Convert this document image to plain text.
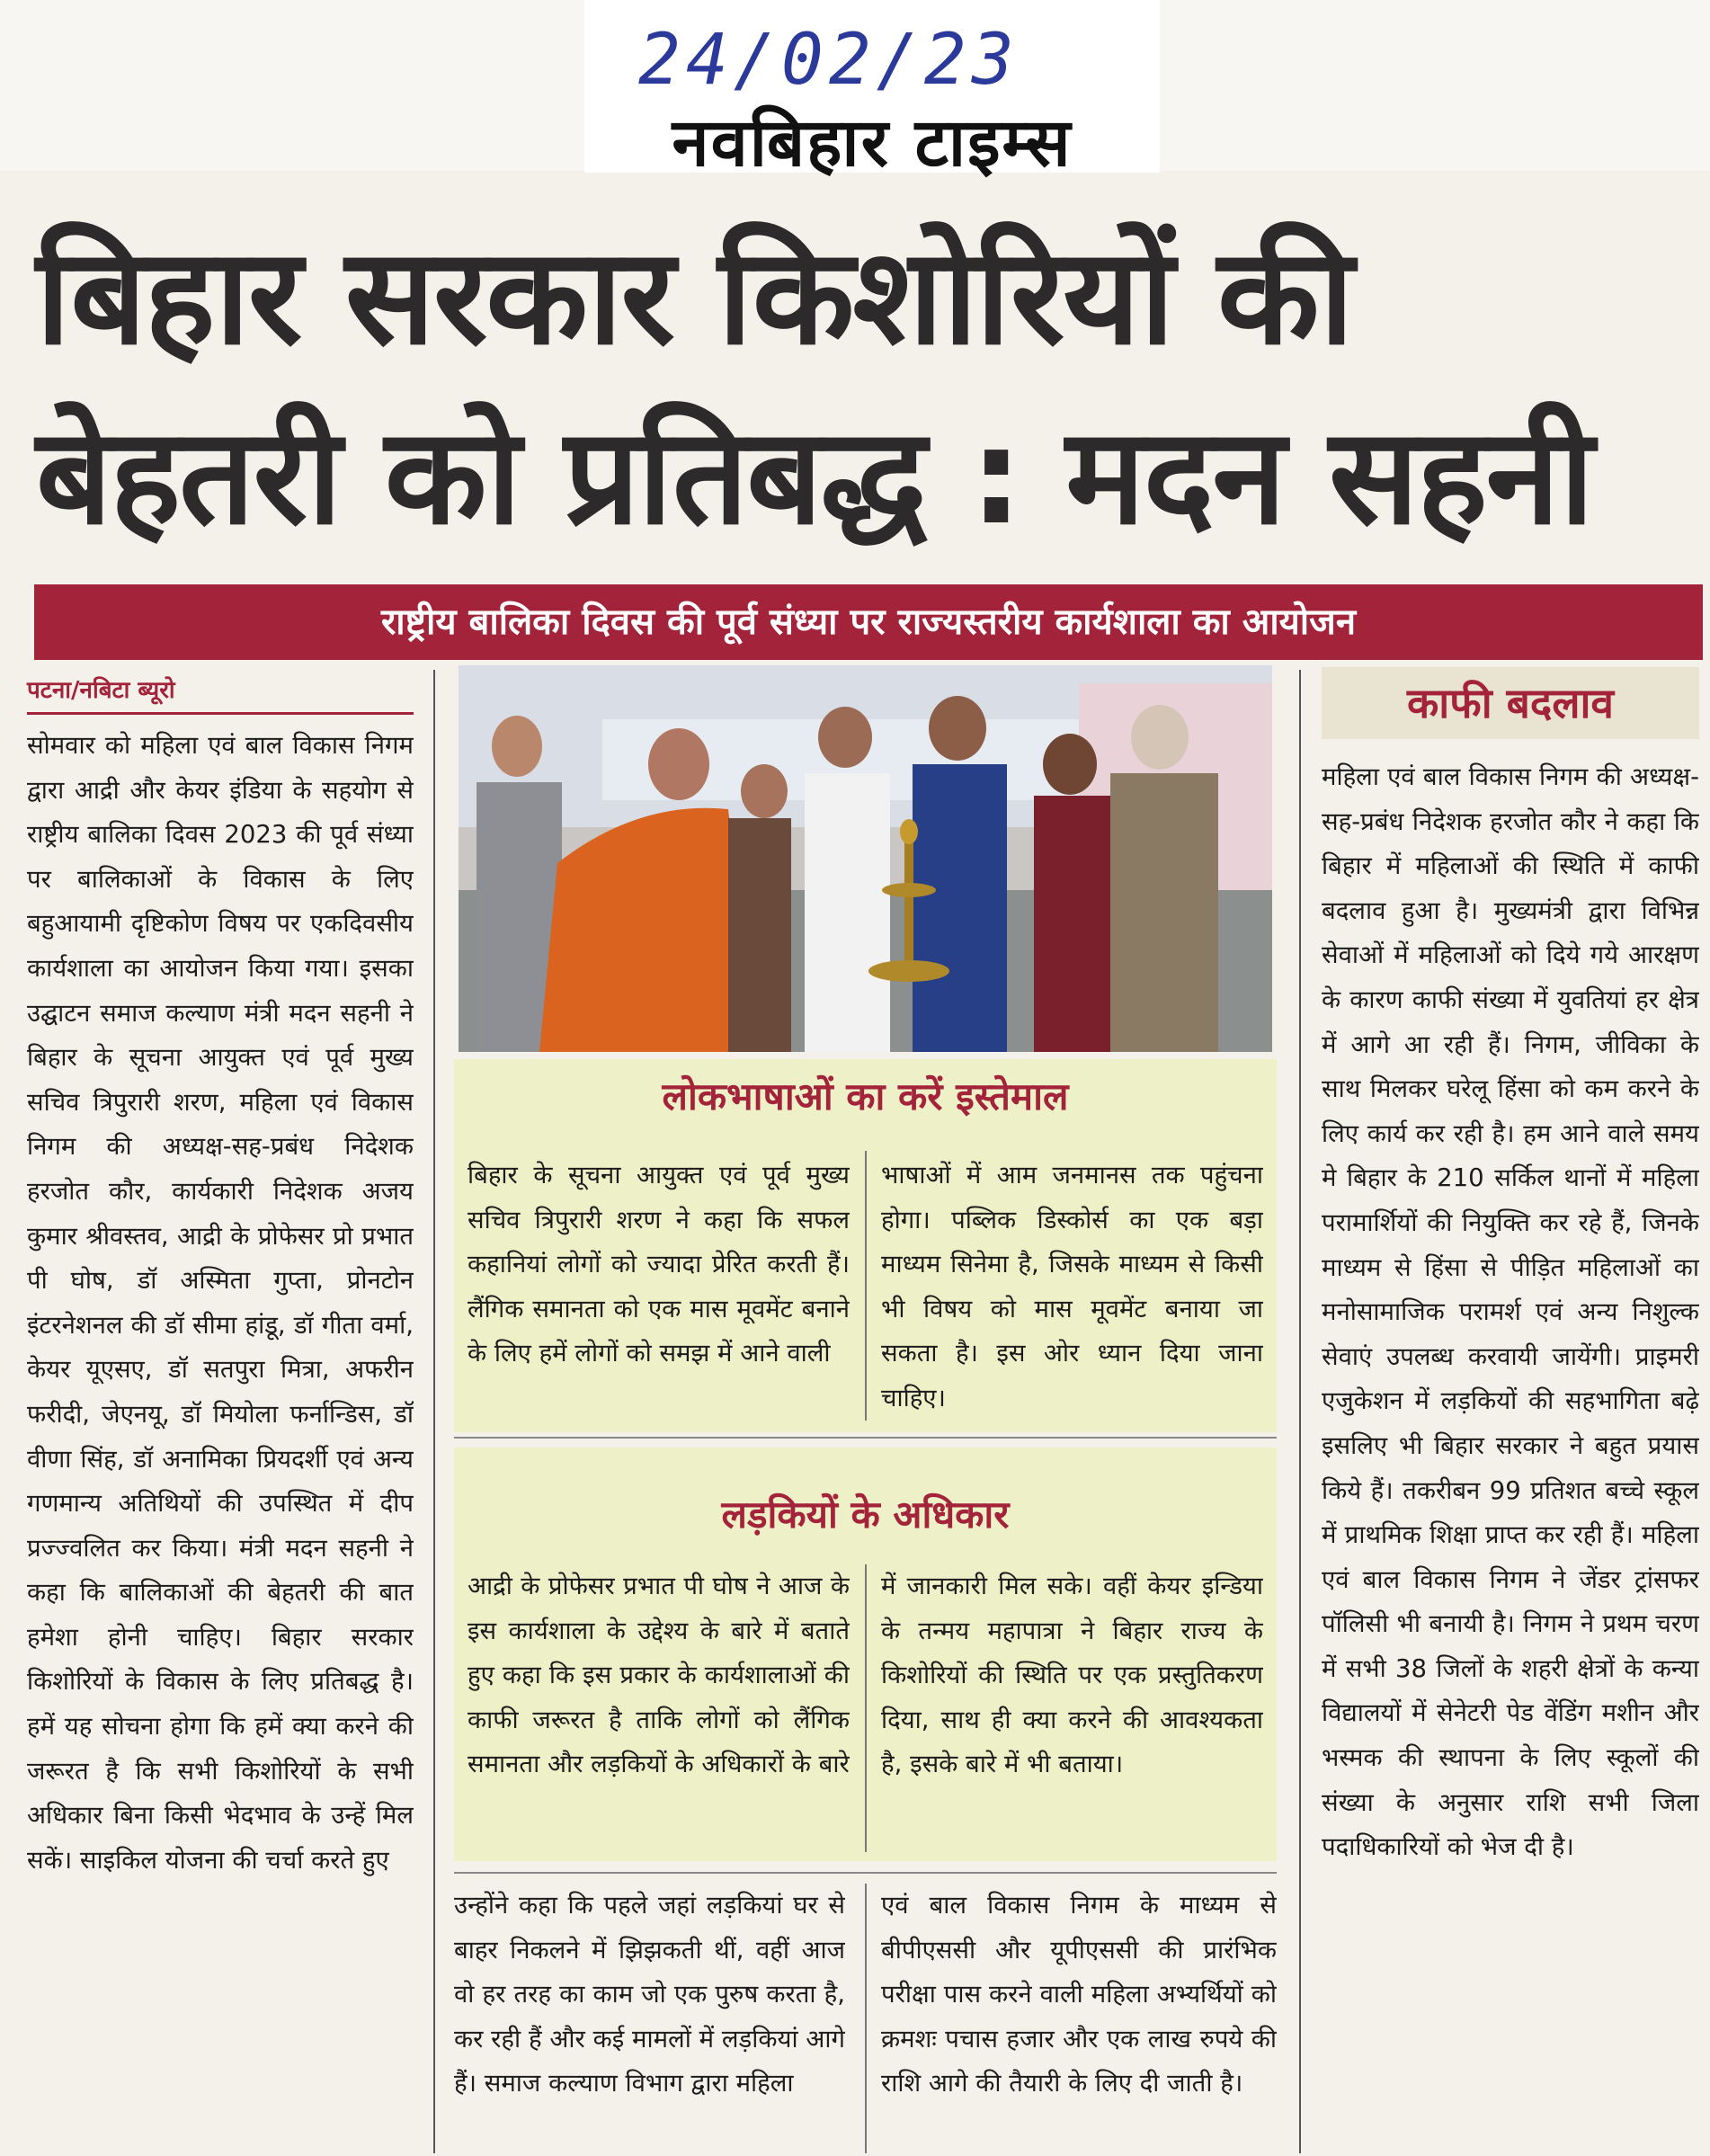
24/02/23
नवबिहार टाइम्स
बिहार सरकार किशोरियों की
बेहतरी को प्रतिबद्ध : मदन सहनी
राष्ट्रीय बालिका दिवस की पूर्व संध्या पर राज्यस्तरीय कार्यशाला का आयोजन
पटना/नबिटा ब्यूरो
सोमवार को महिला एवं बाल विकास निगम द्वारा आद्री और केयर इंडिया के सहयोग से राष्ट्रीय बालिका दिवस 2023 की पूर्व संध्या पर बालिकाओं के विकास के लिए बहुआयामी दृष्टिकोण विषय पर एकदिवसीय कार्यशाला का आयोजन किया गया। इसका उद्घाटन समाज कल्याण मंत्री मदन सहनी ने बिहार के सूचना आयुक्त एवं पूर्व मुख्य सचिव त्रिपुरारी शरण, महिला एवं विकास निगम की अध्यक्ष-सह-प्रबंध निदेशक हरजोत कौर, कार्यकारी निदेशक अजय कुमार श्रीवस्तव, आद्री के प्रोफेसर प्रो प्रभात पी घोष, डॉ अस्मिता गुप्ता, प्रोनटोन इंटरनेशनल की डॉ सीमा हांडू, डॉ गीता वर्मा, केयर यूएसए, डॉ सतपुरा मित्रा, अफरीन फरीदी, जेएनयू, डॉ मियोला फर्नान्डिस, डॉ वीणा सिंह, डॉ अनामिका प्रियदर्शी एवं अन्य गणमान्य अतिथियों की उपस्थित में दीप प्रज्ज्वलित कर किया। मंत्री मदन सहनी ने कहा कि बालिकाओं की बेहतरी की बात हमेशा होनी चाहिए। बिहार सरकार किशोरियों के विकास के लिए प्रतिबद्ध है। हमें यह सोचना होगा कि हमें क्या करने की जरूरत है कि सभी किशोरियों के सभी अधिकार बिना किसी भेदभाव के उन्हें मिल सकें। साइकिल योजना की चर्चा करते हुए
लोकभाषाओं का करें इस्तेमाल
बिहार के सूचना आयुक्त एवं पूर्व मुख्य सचिव त्रिपुरारी शरण ने कहा कि सफल कहानियां लोगों को ज्यादा प्रेरित करती हैं। लैंगिक समानता को एक मास मूवमेंट बनाने के लिए हमें लोगों को समझ में आने वाली
भाषाओं में आम जनमानस तक पहुंचना होगा। पब्लिक डिस्कोर्स का एक बड़ा माध्यम सिनेमा है, जिसके माध्यम से किसी भी विषय को मास मूवमेंट बनाया जा सकता है। इस ओर ध्यान दिया जाना चाहिए।
लड़कियों के अधिकार
आद्री के प्रोफेसर प्रभात पी घोष ने आज के इस कार्यशाला के उद्देश्य के बारे में बताते हुए कहा कि इस प्रकार के कार्यशालाओं की काफी जरूरत है ताकि लोगों को लैंगिक समानता और लड़कियों के अधिकारों के बारे
में जानकारी मिल सके। वहीं केयर इन्डिया के तन्मय महापात्रा ने बिहार राज्य के किशोरियों की स्थिति पर एक प्रस्तुतिकरण दिया, साथ ही क्या करने की आवश्यकता है, इसके बारे में भी बताया।
उन्होंने कहा कि पहले जहां लड़कियां घर से बाहर निकलने में झिझकती थीं, वहीं आज वो हर तरह का काम जो एक पुरुष करता है, कर रही हैं और कई मामलों में लड़कियां आगे हैं। समाज कल्याण विभाग द्वारा महिला
एवं बाल विकास निगम के माध्यम से बीपीएससी और यूपीएससी की प्रारंभिक परीक्षा पास करने वाली महिला अभ्यर्थियों को क्रमशः पचास हजार और एक लाख रुपये की राशि आगे की तैयारी के लिए दी जाती है।
काफी बदलाव
महिला एवं बाल विकास निगम की अध्यक्ष-सह-प्रबंध निदेशक हरजोत कौर ने कहा कि बिहार में महिलाओं की स्थिति में काफी बदलाव हुआ है। मुख्यमंत्री द्वारा विभिन्न सेवाओं में महिलाओं को दिये गये आरक्षण के कारण काफी संख्या में युवतियां हर क्षेत्र में आगे आ रही हैं। निगम, जीविका के साथ मिलकर घरेलू हिंसा को कम करने के लिए कार्य कर रही है। हम आने वाले समय मे बिहार के 210 सर्किल थानों में महिला परामार्शियों की नियुक्ति कर रहे हैं, जिनके माध्यम से हिंसा से पीड़ित महिलाओं का मनोसामाजिक परामर्श एवं अन्य निशुल्क सेवाएं उपलब्ध करवायी जायेंगी। प्राइमरी एजुकेशन में लड़कियों की सहभागिता बढ़े इसलिए भी बिहार सरकार ने बहुत प्रयास किये हैं। तकरीबन 99 प्रतिशत बच्चे स्कूल में प्राथमिक शिक्षा प्राप्त कर रही हैं। महिला एवं बाल विकास निगम ने जेंडर ट्रांसफर पॉलिसी भी बनायी है। निगम ने प्रथम चरण में सभी 38 जिलों के शहरी क्षेत्रों के कन्या विद्यालयों में सेनेटरी पेड वेंडिंग मशीन और भस्मक की स्थापना के लिए स्कूलों की संख्या के अनुसार राशि सभी जिला पदाधिकारियों को भेज दी है।
